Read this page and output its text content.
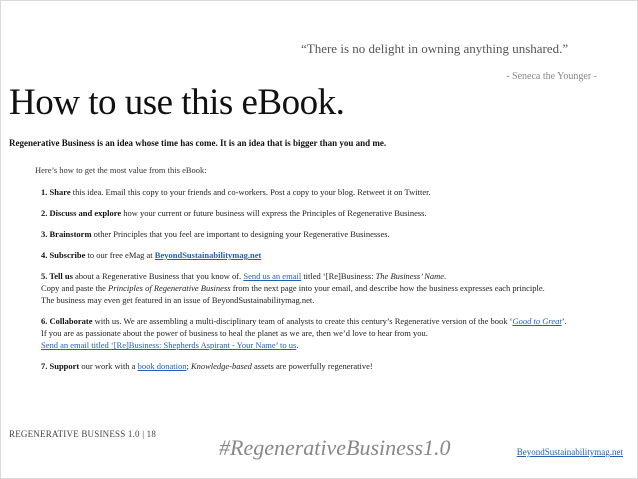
“There is no delight in owning anything unshared.”
- Seneca the Younger -
How to use this eBook.
Regenerative Business is an idea whose time has come. It is an idea that is bigger than you and me.
Here’s how to get the most value from this eBook:
1. Share this idea. Email this copy to your friends and co-workers. Post a copy to your blog. Retweet it on Twitter.
2. Discuss and explore how your current or future business will express the Principles of Regenerative Business.
3. Brainstorm other Principles that you feel are important to designing your Regenerative Businesses.
4. Subscribe to our free eMag at BeyondSustainabilitymag.net
5. Tell us about a Regenerative Business that you know of. Send us an email titled ‘[Re]Business: The Business’ Name.
Copy and paste the Principles of Regenerative Business from the next page into your email, and describe how the business expresses each principle.
The business may even get featured in an issue of BeyondSustainabilitymag.net.
6. Collaborate with us. We are assembling a multi-disciplinary team of analysts to create this century’s Regenerative version of the book ‘Good to Great’.
If you are as passionate about the power of business to heal the planet as we are, then we’d love to hear from you.
Send an email titled ‘[Re]Business: Shepherds Aspirant - Your Name’ to us.
7. Support our work with a book donation; Knowledge-based assets are powerfully regenerative!
REGENERATIVE BUSINESS 1.0 | 18
#RegenerativeBusiness1.0	BeyondSustainabilitymag.net
